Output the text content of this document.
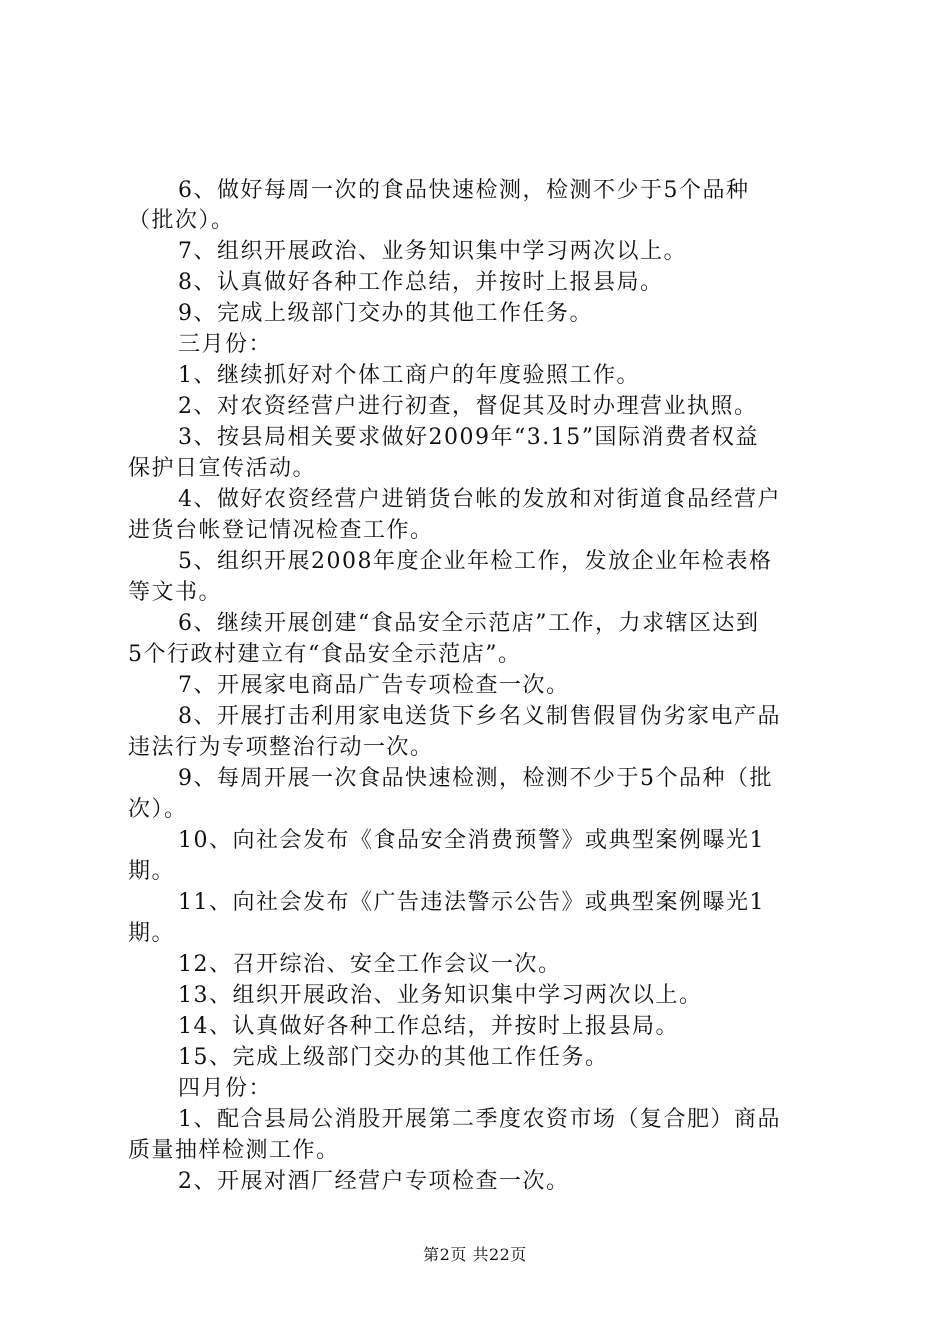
6、做好每周一次的食品快速检测，检测不少于5个品种
（批次）。
7、组织开展政治、业务知识集中学习两次以上。
8、认真做好各种工作总结，并按时上报县局。
9、完成上级部门交办的其他工作任务。
三月份：
1、继续抓好对个体工商户的年度验照工作。
2、对农资经营户进行初查，督促其及时办理营业执照。
3、按县局相关要求做好2009年“3.15”国际消费者权益
保护日宣传活动。
4、做好农资经营户进销货台帐的发放和对街道食品经营户
进货台帐登记情况检查工作。
5、组织开展2008年度企业年检工作，发放企业年检表格
等文书。
6、继续开展创建“食品安全示范店”工作，力求辖区达到
5个行政村建立有“食品安全示范店”。
7、开展家电商品广告专项检查一次。
8、开展打击利用家电送货下乡名义制售假冒伪劣家电产品
违法行为专项整治行动一次。
9、每周开展一次食品快速检测，检测不少于5个品种（批
次）。
10、向社会发布《食品安全消费预警》或典型案例曝光1
期。
11、向社会发布《广告违法警示公告》或典型案例曝光1
期。
12、召开综治、安全工作会议一次。
13、组织开展政治、业务知识集中学习两次以上。
14、认真做好各种工作总结，并按时上报县局。
15、完成上级部门交办的其他工作任务。
四月份：
1、配合县局公消股开展第二季度农资市场（复合肥）商品
质量抽样检测工作。
2、开展对酒厂经营户专项检查一次。
第2页 共22页
